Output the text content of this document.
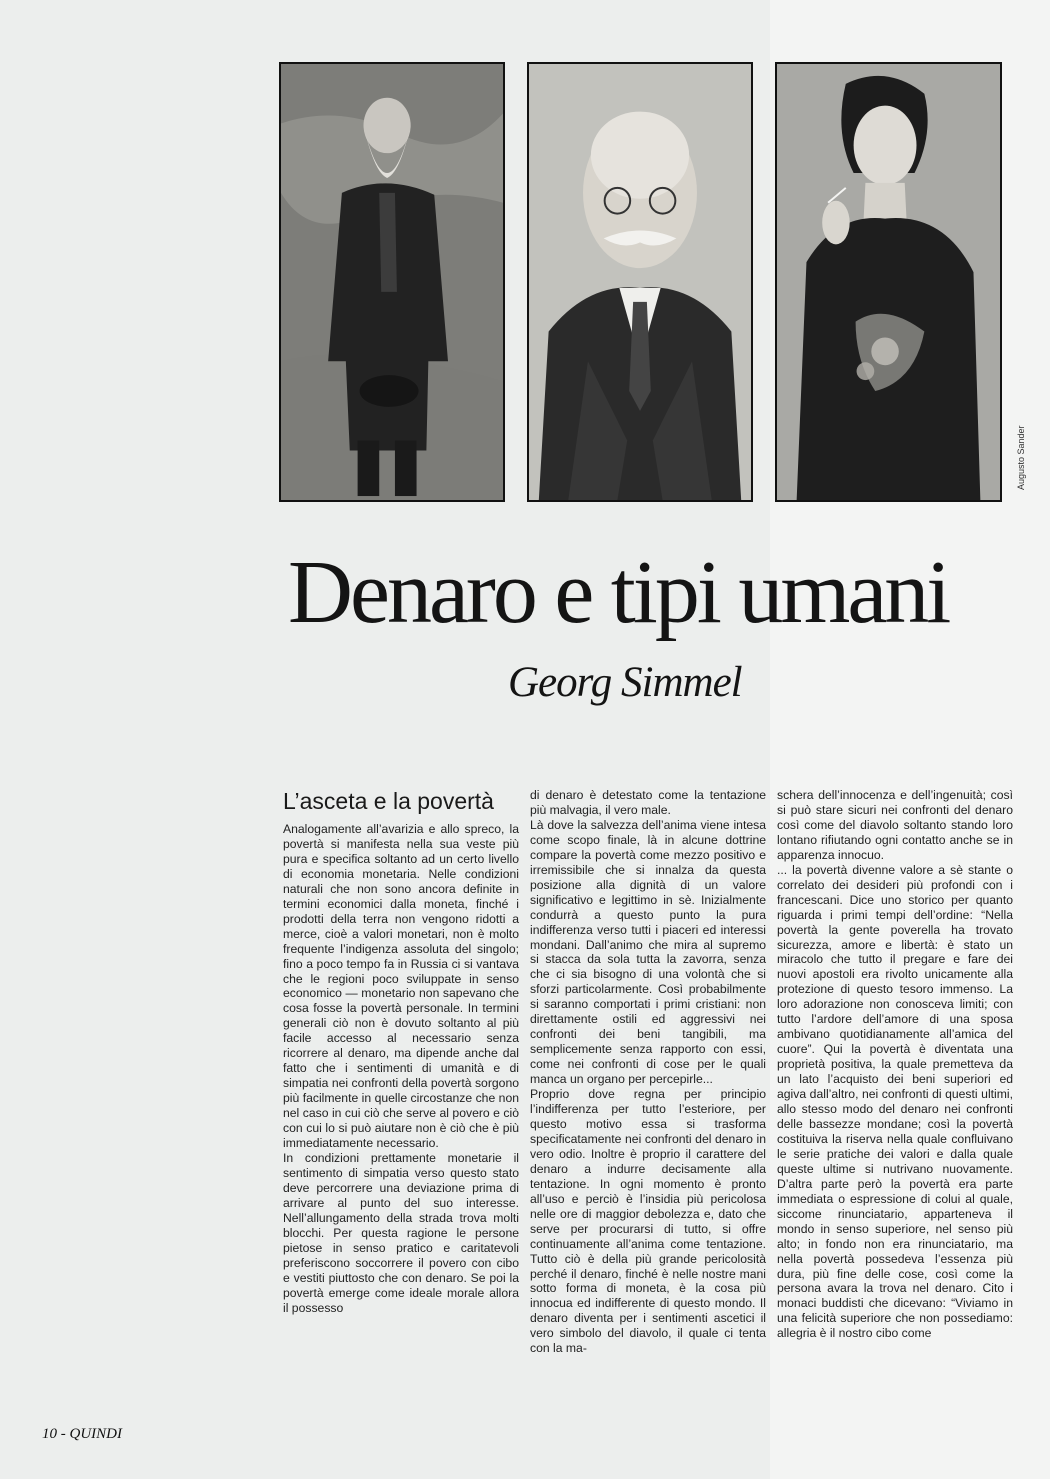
Augusto Sander
Denaro e tipi umani
Georg Simmel
L’asceta e la povertà

Analogamente all’avarizia e allo spreco, la povertà si manifesta nella sua veste più pura e specifica soltanto ad un certo livello di economia monetaria. Nelle condizioni naturali che non sono ancora definite in termini economici dalla moneta, finché i prodotti della terra non vengono ridotti a merce, cioè a valori monetari, non è molto frequente l’indigenza assoluta del singolo; fino a poco tempo fa in Russia ci si vantava che le regioni poco sviluppate in senso economico — monetario non sapevano che cosa fosse la povertà personale. In termini generali ciò non è dovuto soltanto al più facile accesso al necessario senza ricorrere al denaro, ma dipende anche dal fatto che i sentimenti di umanità e di simpatia nei confronti della povertà sorgono più facilmente in quelle circostanze che non nel caso in cui ciò che serve al povero e ciò con cui lo si può aiutare non è ciò che è più immediatamente necessario.

In condizioni prettamente monetarie il sentimento di simpatia verso questo stato deve percorrere una deviazione prima di arrivare al punto del suo interesse. Nell’allungamento della strada trova molti blocchi. Per questa ragione le persone pietose in senso pratico e caritatevoli preferiscono soccorrere il povero con cibo e vestiti piuttosto che con denaro. Se poi la povertà emerge come ideale morale allora il possesso

di denaro è detestato come la tentazione più malvagia, il vero male.

Là dove la salvezza dell’anima viene intesa come scopo finale, là in alcune dottrine compare la povertà come mezzo positivo e irremissibile che si innalza da questa posizione alla dignità di un valore significativo e legittimo in sè. Inizialmente condurrà a questo punto la pura indifferenza verso tutti i piaceri ed interessi mondani. Dall’animo che mira al supremo si stacca da sola tutta la zavorra, senza che ci sia bisogno di una volontà che si sforzi particolarmente. Così probabilmente si saranno comportati i primi cristiani: non direttamente ostili ed aggressivi nei confronti dei beni tangibili, ma semplicemente senza rapporto con essi, come nei confronti di cose per le quali manca un organo per percepirle...

Proprio dove regna per principio l’indifferenza per tutto l’esteriore, per questo motivo essa si trasforma specificatamente nei confronti del denaro in vero odio. Inoltre è proprio il carattere del denaro a indurre decisamente alla tentazione. In ogni momento è pronto all’uso e perciò è l’insidia più pericolosa nelle ore di maggior debolezza e, dato che serve per procurarsi di tutto, si offre continuamente all’anima come tentazione. Tutto ciò è della più grande pericolosità perché il denaro, finché è nelle nostre mani sotto forma di moneta, è la cosa più innocua ed indifferente di questo mondo. Il denaro diventa per i sentimenti ascetici il vero simbolo del diavolo, il quale ci tenta con la ma-

schera dell’innocenza e dell’ingenuità; così si può stare sicuri nei confronti del denaro così come del diavolo soltanto stando loro lontano rifiutando ogni contatto anche se in apparenza innocuo.

... la povertà divenne valore a sè stante o correlato dei desideri più profondi con i francescani. Dice uno storico per quanto riguarda i primi tempi dell’ordine: “Nella povertà la gente poverella ha trovato sicurezza, amore e libertà: è stato un miracolo che tutto il pregare e fare dei nuovi apostoli era rivolto unicamente alla protezione di questo tesoro immenso. La loro adorazione non conosceva limiti; con tutto l’ardore dell’amore di una sposa ambivano quotidianamente all’amica del cuore”. Qui la povertà è diventata una proprietà positiva, la quale premetteva da un lato l’acquisto dei beni superiori ed agiva dall’altro, nei confronti di questi ultimi, allo stesso modo del denaro nei confronti delle bassezze mondane; così la povertà costituiva la riserva nella quale confluivano le serie pratiche dei valori e dalla quale queste ultime si nutrivano nuovamente. D’altra parte però la povertà era parte immediata o espressione di colui al quale, siccome rinunciatario, apparteneva il mondo in senso superiore, nel senso più alto; in fondo non era rinunciatario, ma nella povertà possedeva l’essenza più dura, più fine delle cose, così come la persona avara la trova nel denaro. Cito i monaci buddisti che dicevano: “Viviamo in una felicità superiore che non possediamo: allegria è il nostro cibo come

10 - QUINDI
